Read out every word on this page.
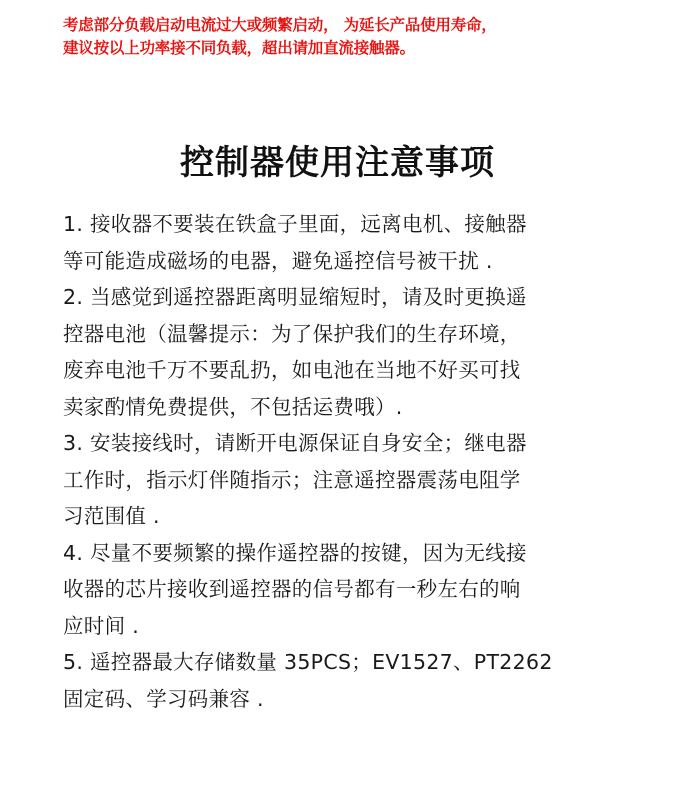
考虑部分负载启动电流过大或频繁启动， 为延长产品使用寿命，
建议按以上功率接不同负载，超出请加直流接触器。
控制器使用注意事项
1. 接收器不要装在铁盒子里面，远离电机、接触器
等可能造成磁场的电器，避免遥控信号被干扰 .
2. 当感觉到遥控器距离明显缩短时，请及时更换遥
控器电池（温馨提示：为了保护我们的生存环境，
废弃电池千万不要乱扔，如电池在当地不好买可找
卖家酌情免费提供，不包括运费哦）.
3. 安装接线时，请断开电源保证自身安全；继电器
工作时，指示灯伴随指示；注意遥控器震荡电阻学
习范围值 .
4. 尽量不要频繁的操作遥控器的按键，因为无线接
收器的芯片接收到遥控器的信号都有一秒左右的响
应时间 .
5. 遥控器最大存储数量 35PCS；EV1527、PT2262
固定码、学习码兼容 .
